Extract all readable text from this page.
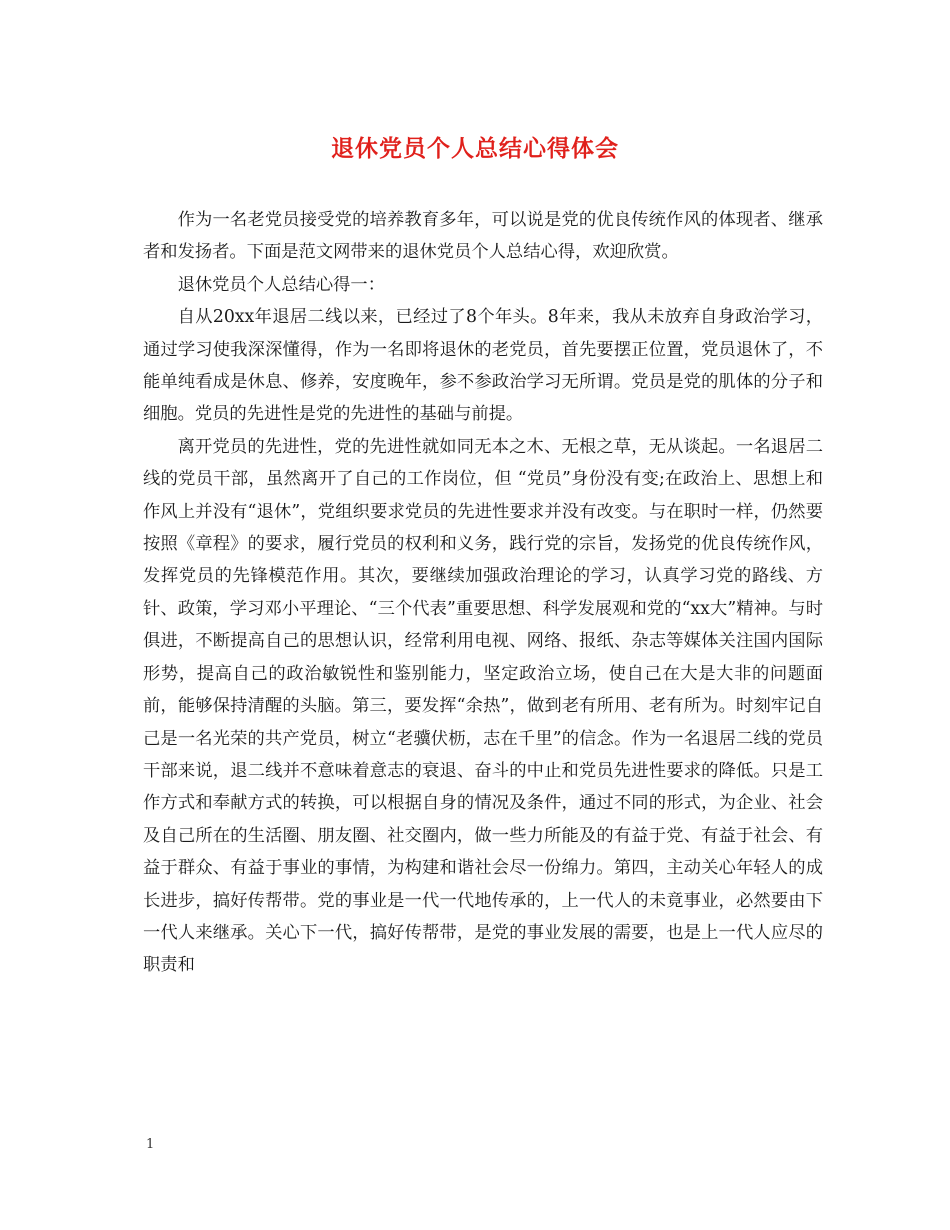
退休党员个人总结心得体会

作为一名老党员接受党的培养教育多年，可以说是党的优良传统作风的体现者、继承者和发扬者。下面是范文网带来的退休党员个人总结心得，欢迎欣赏。

退休党员个人总结心得一：

自从20xx年退居二线以来，已经过了8个年头。8年来，我从未放弃自身政治学习，通过学习使我深深懂得，作为一名即将退休的老党员，首先要摆正位置，党员退休了，不能单纯看成是休息、修养，安度晚年，参不参政治学习无所谓。党员是党的肌体的分子和细胞。党员的先进性是党的先进性的基础与前提。

离开党员的先进性，党的先进性就如同无本之木、无根之草，无从谈起。一名退居二线的党员干部，虽然离开了自己的工作岗位，但 “党员”身份没有变;在政治上、思想上和作风上并没有“退休”，党组织要求党员的先进性要求并没有改变。与在职时一样，仍然要按照《章程》的要求，履行党员的权利和义务，践行党的宗旨，发扬党的优良传统作风，发挥党员的先锋模范作用。其次，要继续加强政治理论的学习，认真学习党的路线、方针、政策，学习邓小平理论、“三个代表”重要思想、科学发展观和党的“xx大”精神。与时俱进，不断提高自己的思想认识，经常利用电视、网络、报纸、杂志等媒体关注国内国际形势，提高自己的政治敏锐性和鉴别能力，坚定政治立场，使自己在大是大非的问题面前，能够保持清醒的头脑。第三，要发挥“余热”，做到老有所用、老有所为。时刻牢记自己是一名光荣的共产党员，树立“老骥伏枥，志在千里”的信念。作为一名退居二线的党员干部来说，退二线并不意味着意志的衰退、奋斗的中止和党员先进性要求的降低。只是工作方式和奉献方式的转换，可以根据自身的情况及条件，通过不同的形式，为企业、社会及自己所在的生活圈、朋友圈、社交圈内，做一些力所能及的有益于党、有益于社会、有益于群众、有益于事业的事情，为构建和谐社会尽一份绵力。第四，主动关心年轻人的成长进步，搞好传帮带。党的事业是一代一代地传承的，上一代人的未竟事业，必然要由下一代人来继承。关心下一代，搞好传帮带，是党的事业发展的需要，也是上一代人应尽的职责和

1
